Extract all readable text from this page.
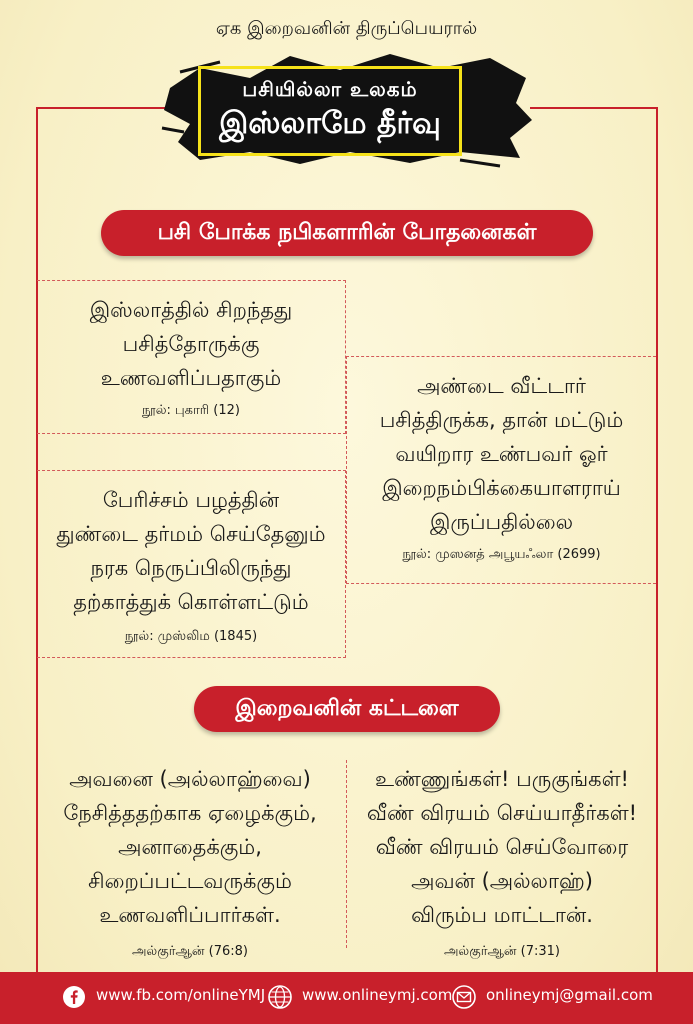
ஏக இறைவனின் திருப்பெயரால்
பசியில்லா உலகம்
இஸ்லாமே தீர்வு
பசி போக்க நபிகளாரின் போதனைகள்
இஸ்லாத்தில் சிறந்தது
பசித்தோருக்கு
உணவளிப்பதாகும்
நூல்: புகாரி (12)
பேரிச்சம் பழத்தின்
துண்டை தர்மம் செய்தேனும்
நரக நெருப்பிலிருந்து
தற்காத்துக் கொள்ளட்டும்
நூல்: முஸ்லிம (1845)
அண்டை வீட்டார்
பசித்திருக்க, தான் மட்டும்
வயிறார உண்பவர் ஓர்
இறைநம்பிக்கையாளராய்
இருப்பதில்லை
நூல்: முஸனத் அபூயஃலா (2699)
இறைவனின் கட்டளை
அவனை (அல்லாஹ்வை)
நேசித்ததற்காக ஏழைக்கும்,
அனாதைக்கும்,
சிறைப்பட்டவருக்கும்
உணவளிப்பார்கள்.
அல்குர்ஆன் (76:8)
உண்ணுங்கள்! பருகுங்கள்!
வீண் விரயம் செய்யாதீர்கள்!
வீண் விரயம் செய்வோரை
அவன் (அல்லாஹ்)
விரும்ப மாட்டான்.
அல்குர்ஆன் (7:31)
www.fb.com/onlineYMJ www.onlineymj.com onlineymj@gmail.com
